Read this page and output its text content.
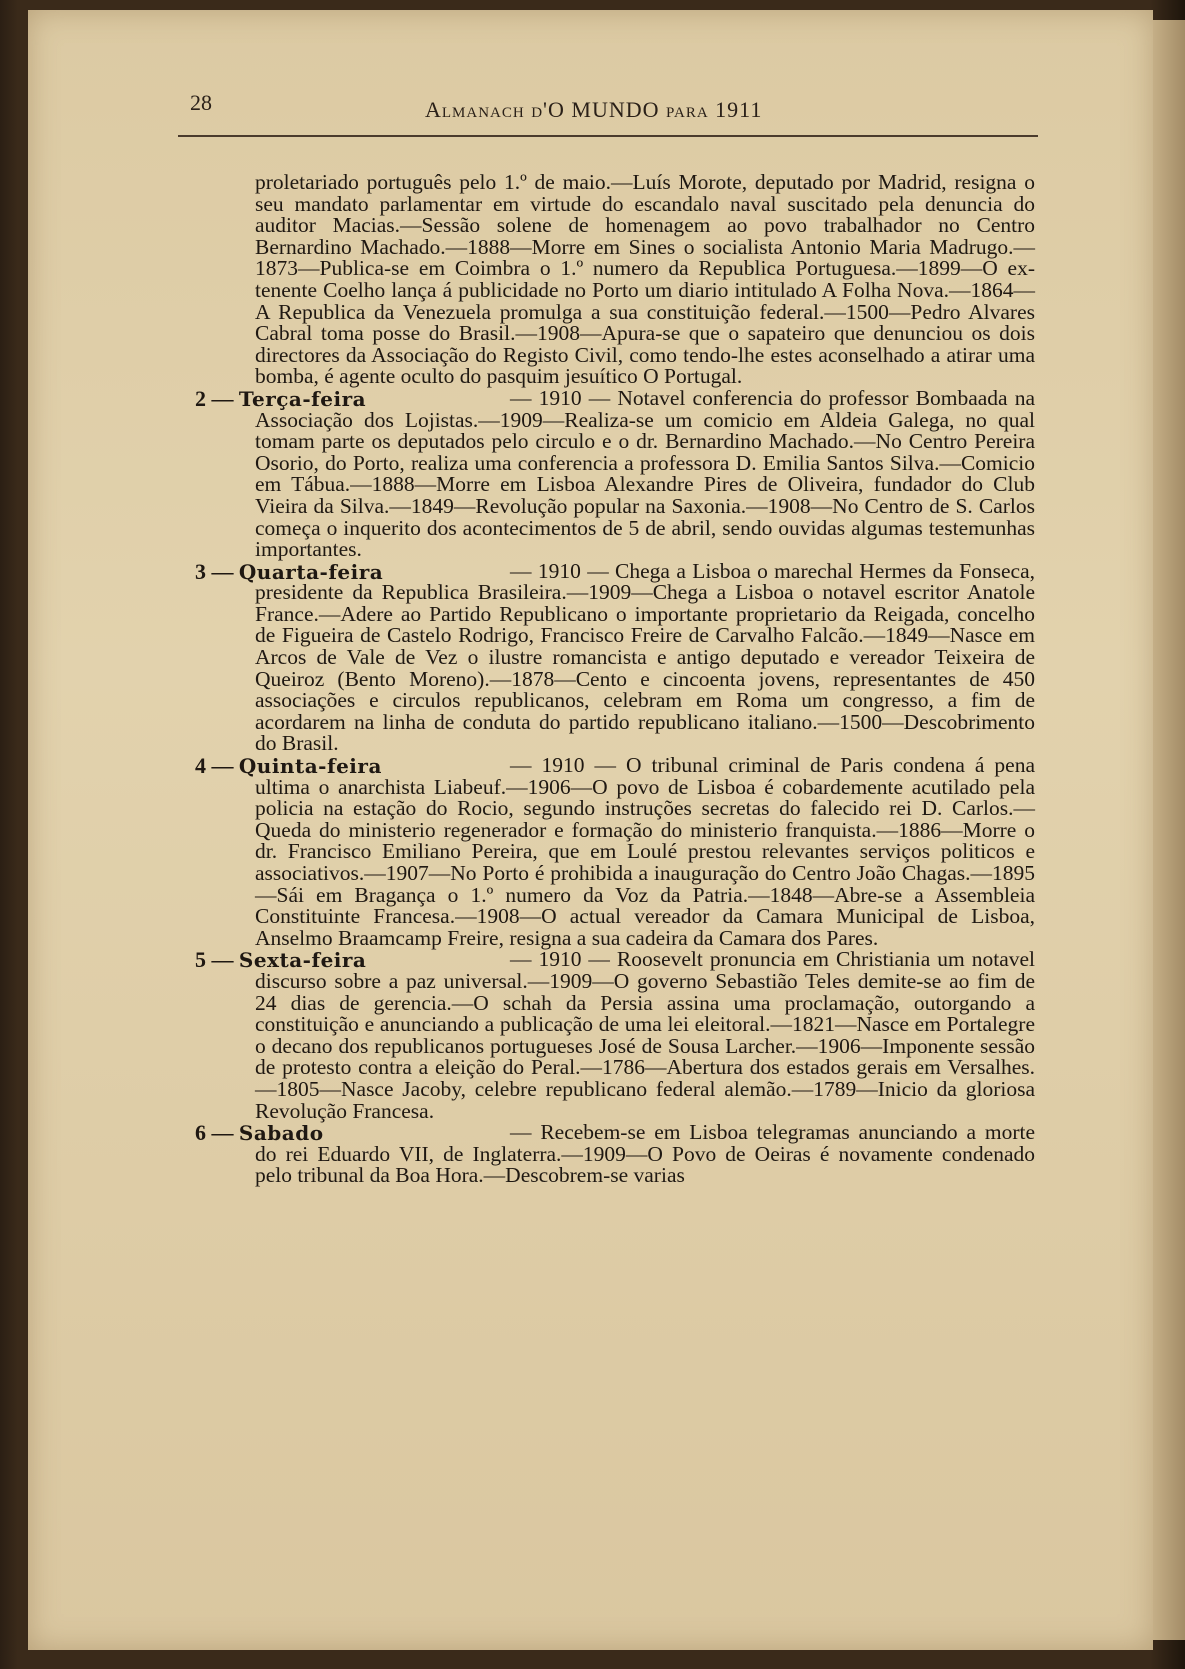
28	Almanach d'O MUNDO para 1911

proletariado português pelo 1.º de maio.—Luís Morote, deputado por Madrid, resigna o seu mandato parlamentar em virtude do escandalo naval suscitado pela denuncia do auditor Macias.—Sessão solene de homenagem ao povo trabalhador no Centro Bernardino Machado.—1888—Morre em Sines o socialista Antonio Maria Madrugo.—1873—Publica-se em Coimbra o 1.º numero da Republica Portuguesa.—1899—O ex-tenente Coelho lança á publicidade no Porto um diario intitulado A Folha Nova.—1864—A Republica da Venezuela promulga a sua constituição federal.—1500—Pedro Alvares Cabral toma posse do Brasil.—1908—Apura-se que o sapateiro que denunciou os dois directores da Associação do Registo Civil, como tendo-lhe estes aconselhado a atirar uma bomba, é agente oculto do pasquim jesuítico O Portugal.

2 — Terça-feira	— 1910 — Notavel conferencia do professor Bombaada na Associação dos Lojistas.—1909—Realiza-se um comicio em Aldeia Galega, no qual tomam parte os deputados pelo circulo e o dr. Bernardino Machado.—No Centro Pereira Osorio, do Porto, realiza uma conferencia a professora D. Emilia Santos Silva.—Comicio em Tábua.—1888—Morre em Lisboa Alexandre Pires de Oliveira, fundador do Club Vieira da Silva.—1849—Revolução popular na Saxonia.—1908—No Centro de S. Carlos começa o inquerito dos acontecimentos de 5 de abril, sendo ouvidas algumas testemunhas importantes.

3 — Quarta-feira	— 1910 — Chega a Lisboa o marechal Hermes da Fonseca, presidente da Republica Brasileira.—1909—Chega a Lisboa o notavel escritor Anatole France.—Adere ao Partido Republicano o importante proprietario da Reigada, concelho de Figueira de Castelo Rodrigo, Francisco Freire de Carvalho Falcão.—1849—Nasce em Arcos de Vale de Vez o ilustre romancista e antigo deputado e vereador Teixeira de Queiroz (Bento Moreno).—1878—Cento e cincoenta jovens, representantes de 450 associações e circulos republicanos, celebram em Roma um congresso, a fim de acordarem na linha de conduta do partido republicano italiano.—1500—Descobrimento do Brasil.

4 — Quinta-feira	— 1910 — O tribunal criminal de Paris condena á pena ultima o anarchista Liabeuf.—1906—O povo de Lisboa é cobardemente acutilado pela policia na estação do Rocio, segundo instruções secretas do falecido rei D. Carlos.—Queda do ministerio regenerador e formação do ministerio franquista.—1886—Morre o dr. Francisco Emiliano Pereira, que em Loulé prestou relevantes serviços politicos e associativos.—1907—No Porto é prohibida a inauguração do Centro João Chagas.—1895—Sái em Bragança o 1.º numero da Voz da Patria.—1848—Abre-se a Assembleia Constituinte Francesa.—1908—O actual vereador da Camara Municipal de Lisboa, Anselmo Braamcamp Freire, resigna a sua cadeira da Camara dos Pares.

5 — Sexta-feira	— 1910 — Roosevelt pronuncia em Christiania um notavel discurso sobre a paz universal.—1909—O governo Sebastião Teles demite-se ao fim de 24 dias de gerencia.—O schah da Persia assina uma proclamação, outorgando a constituição e anunciando a publicação de uma lei eleitoral.—1821—Nasce em Portalegre o decano dos republicanos portugueses José de Sousa Larcher.—1906—Imponente sessão de protesto contra a eleição do Peral.—1786—Abertura dos estados gerais em Versalhes.—1805—Nasce Jacoby, celebre republicano federal alemão.—1789—Inicio da gloriosa Revolução Francesa.

6 — Sabado	— Recebem-se em Lisboa telegramas anunciando a morte do rei Eduardo VII, de Inglaterra.—1909—O Povo de Oeiras é novamente condenado pelo tribunal da Boa Hora.—Descobrem-se varias
